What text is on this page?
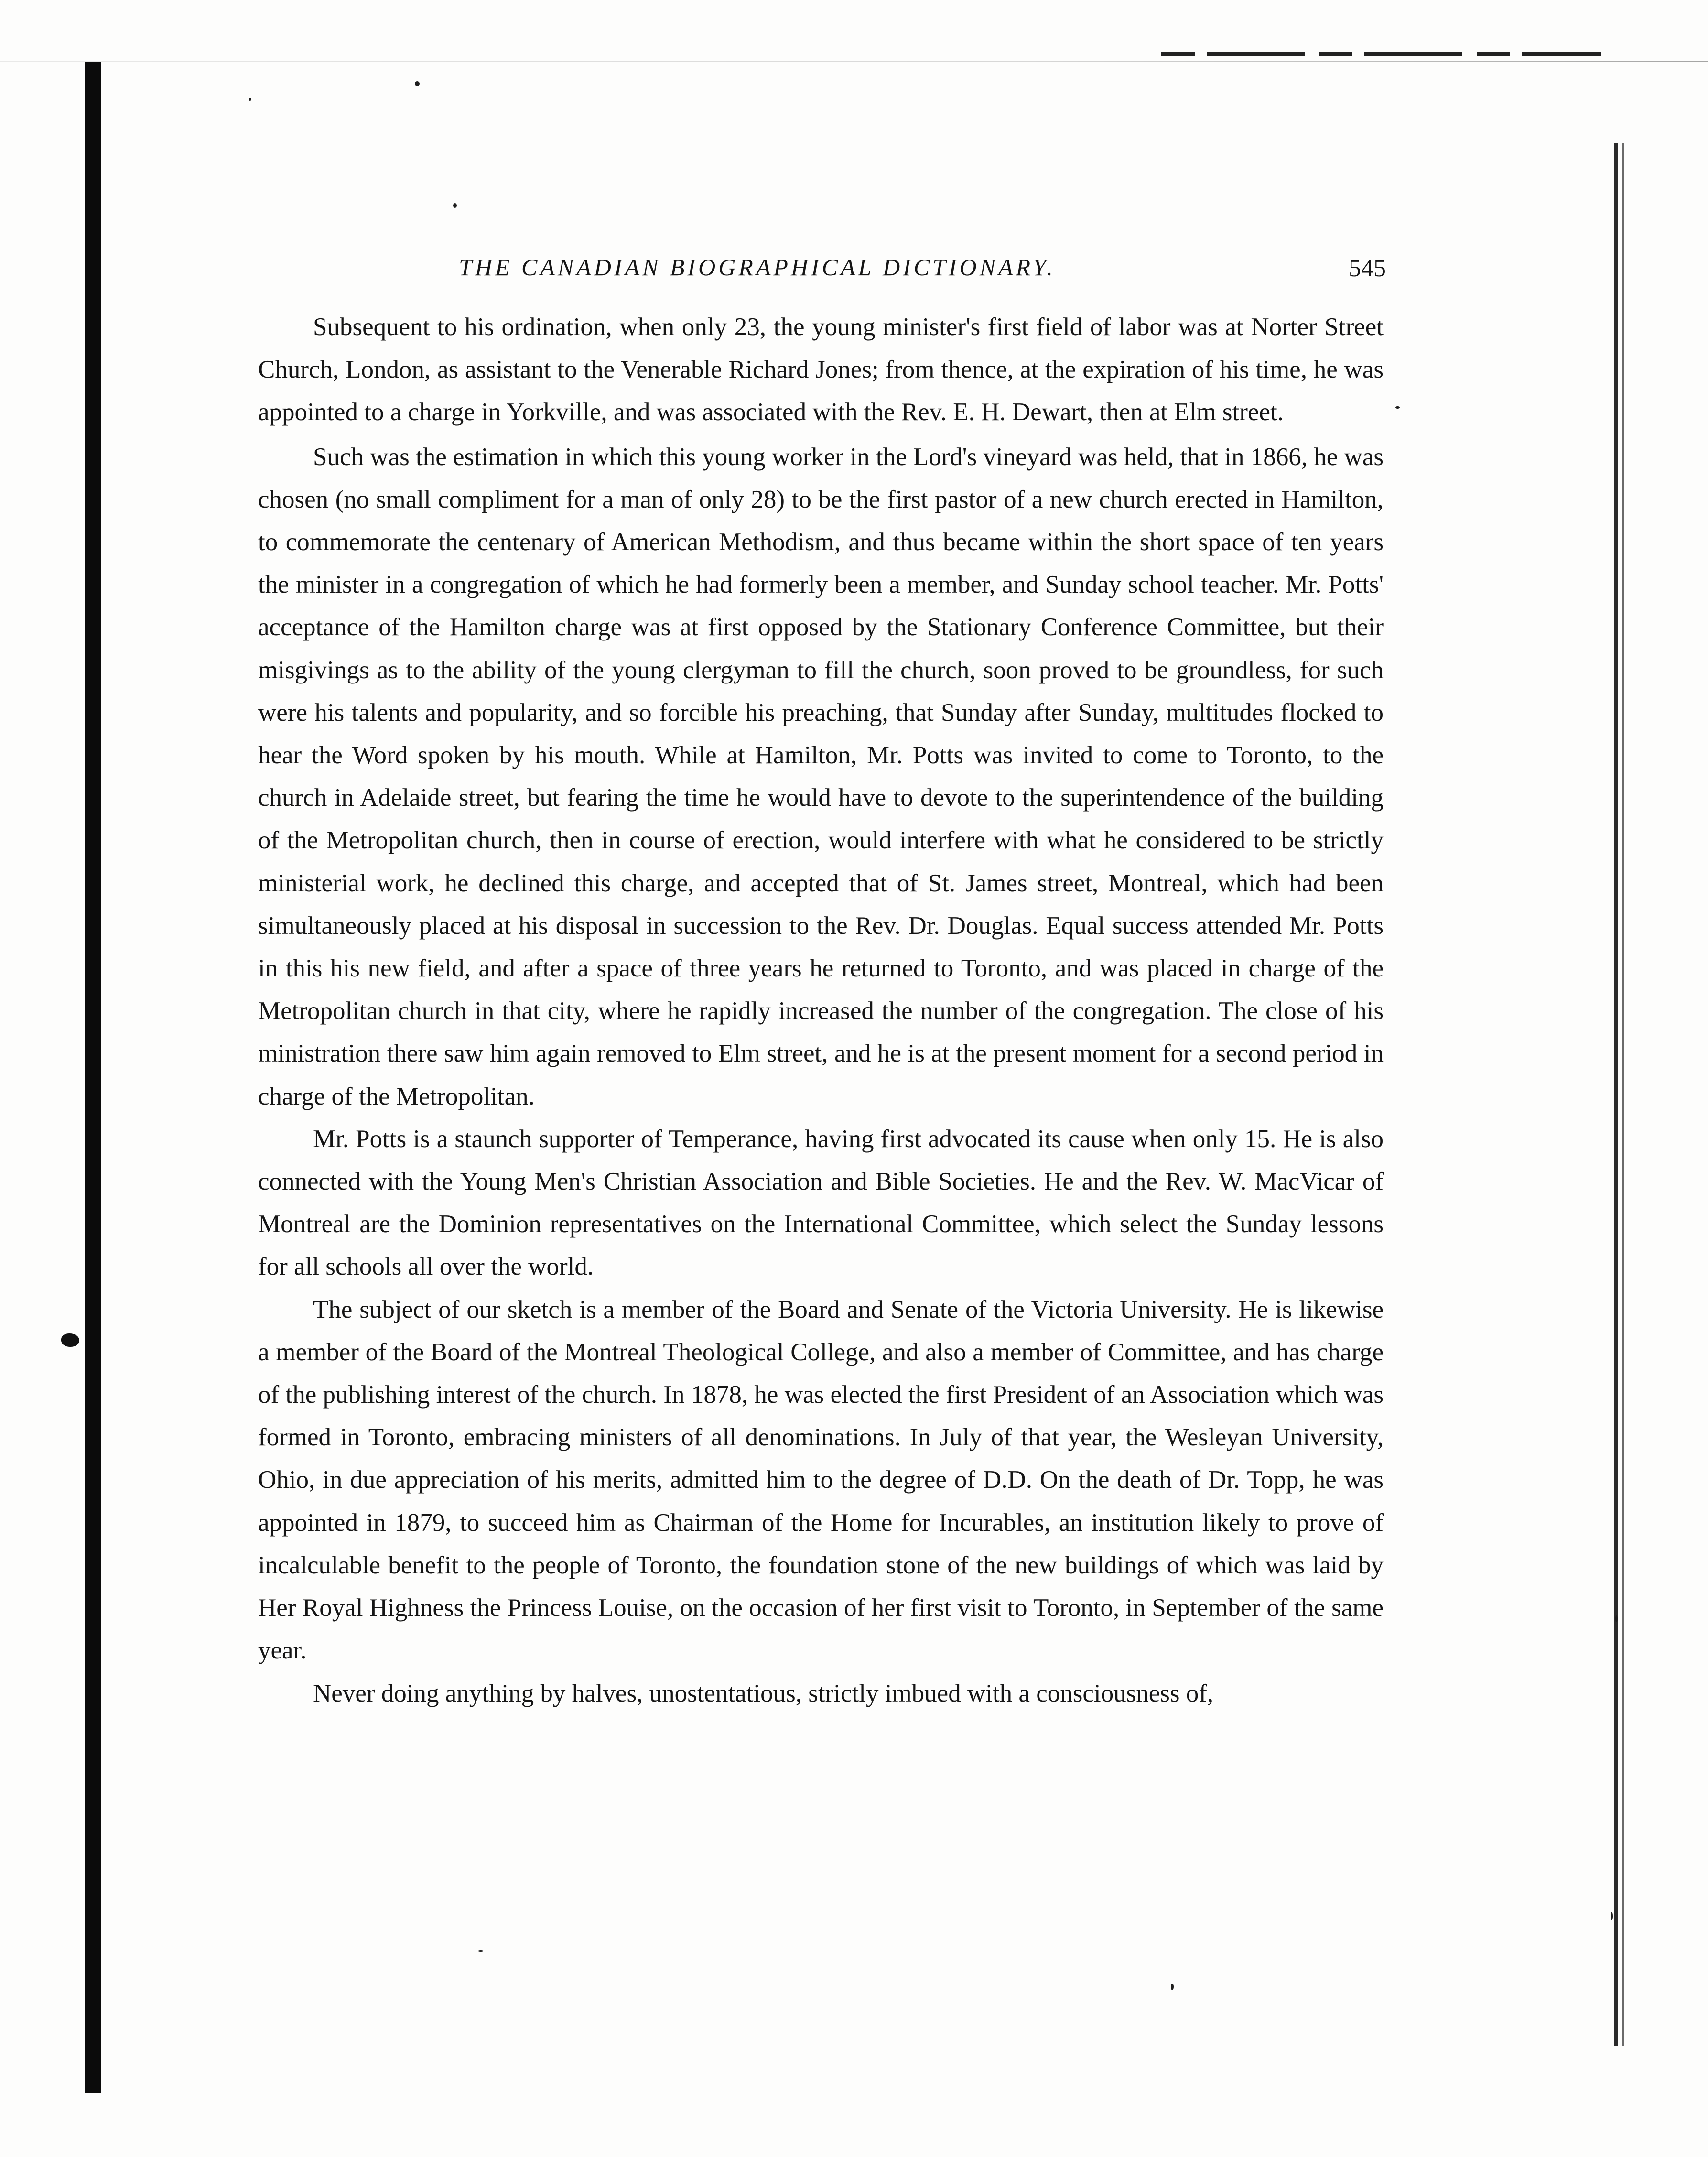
THE CANADIAN BIOGRAPHICAL DICTIONARY.	545

Subsequent to his ordination, when only 23, the young minister's first field of labor was at Norter Street Church, London, as assistant to the Venerable Richard Jones; from thence, at the expiration of his time, he was appointed to a charge in Yorkville, and was associated with the Rev. E. H. Dewart, then at Elm street.

Such was the estimation in which this young worker in the Lord's vineyard was held, that in 1866, he was chosen (no small compliment for a man of only 28) to be the first pastor of a new church erected in Hamilton, to commemorate the centenary of American Methodism, and thus became within the short space of ten years the minister in a congregation of which he had formerly been a member, and Sunday school teacher. Mr. Potts' acceptance of the Hamilton charge was at first opposed by the Stationary Conference Committee, but their misgivings as to the ability of the young clergyman to fill the church, soon proved to be groundless, for such were his talents and popularity, and so forcible his preaching, that Sunday after Sunday, multitudes flocked to hear the Word spoken by his mouth. While at Hamilton, Mr. Potts was invited to come to Toronto, to the church in Adelaide street, but fearing the time he would have to devote to the superintendence of the building of the Metropolitan church, then in course of erection, would interfere with what he considered to be strictly ministerial work, he declined this charge, and accepted that of St. James street, Montreal, which had been simultaneously placed at his disposal in succession to the Rev. Dr. Douglas. Equal success attended Mr. Potts in this his new field, and after a space of three years he returned to Toronto, and was placed in charge of the Metropolitan church in that city, where he rapidly increased the number of the congregation. The close of his ministration there saw him again removed to Elm street, and he is at the present moment for a second period in charge of the Metropolitan.

Mr. Potts is a staunch supporter of Temperance, having first advocated its cause when only 15. He is also connected with the Young Men's Christian Association and Bible Societies. He and the Rev. W. MacVicar of Montreal are the Dominion representatives on the International Committee, which select the Sunday lessons for all schools all over the world.

The subject of our sketch is a member of the Board and Senate of the Victoria University. He is likewise a member of the Board of the Montreal Theological College, and also a member of Committee, and has charge of the publishing interest of the church. In 1878, he was elected the first President of an Association which was formed in Toronto, embracing ministers of all denominations. In July of that year, the Wesleyan University, Ohio, in due appreciation of his merits, admitted him to the degree of D.D. On the death of Dr. Topp, he was appointed in 1879, to succeed him as Chairman of the Home for Incurables, an institution likely to prove of incalculable benefit to the people of Toronto, the foundation stone of the new buildings of which was laid by Her Royal Highness the Princess Louise, on the occasion of her first visit to Toronto, in September of the same year.

Never doing anything by halves, unostentatious, strictly imbued with a consciousness of,
